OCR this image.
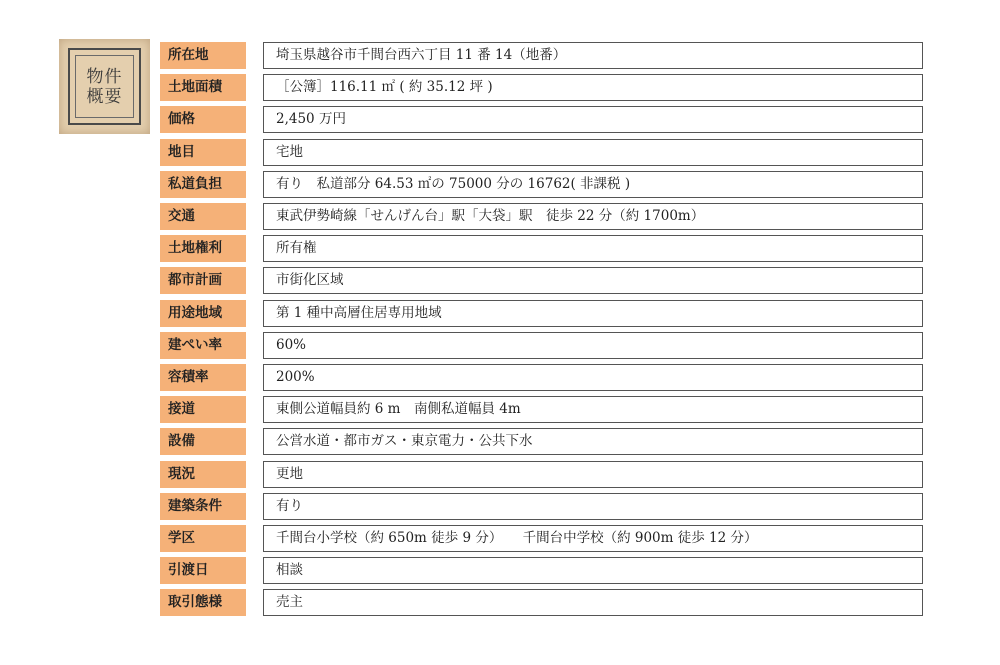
物件
概要
所在地	埼玉県越谷市千間台西六丁目 11 番 14（地番）
土地面積	［公簿］116.11 ㎡ ( 約 35.12 坪 )
価格	2,450 万円
地目	宅地
私道負担	有り　私道部分 64.53 ㎡の 75000 分の 16762( 非課税 )
交通	東武伊勢崎線「せんげん台」駅「大袋」駅　徒歩 22 分（約 1700m）
土地権利	所有権
都市計画	市街化区域
用途地域	第 1 種中高層住居専用地域
建ぺい率	60%
容積率	200%
接道	東側公道幅員約 6 m　南側私道幅員 4m
設備	公営水道・都市ガス・東京電力・公共下水
現況	更地
建築条件	有り
学区	千間台小学校（約 650m 徒歩 9 分）　　千間台中学校（約 900m 徒歩 12 分）
引渡日	相談
取引態様	売主
